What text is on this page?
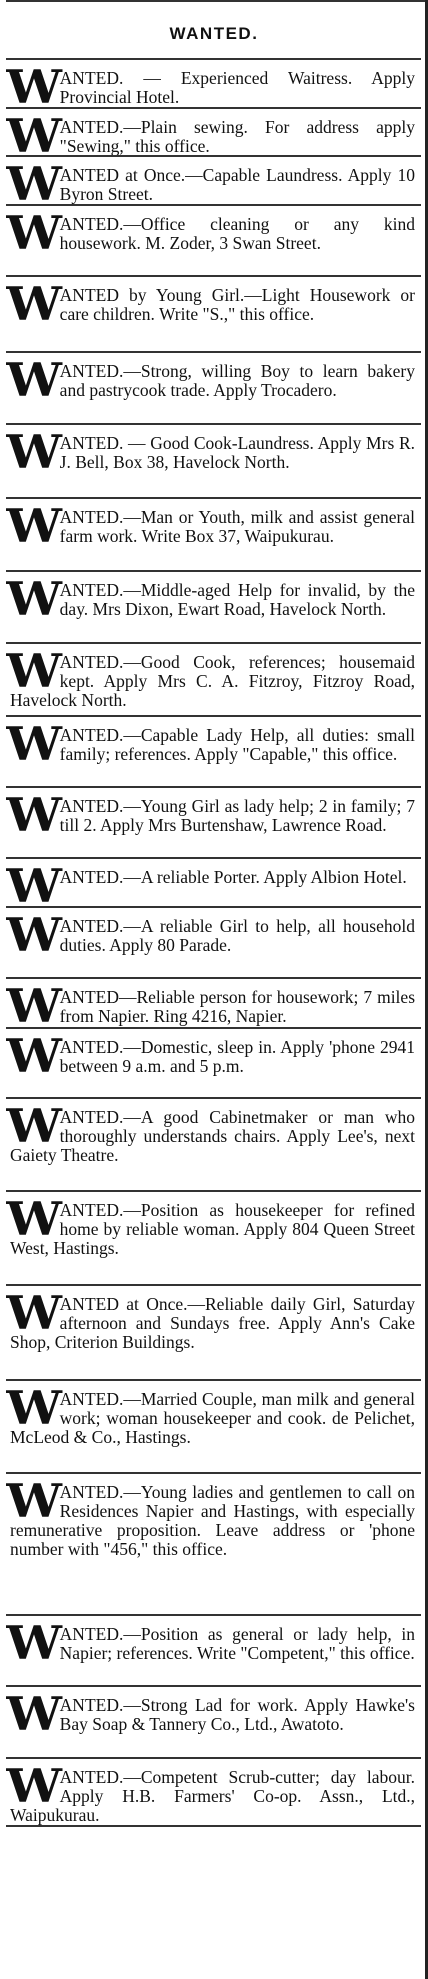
WANTED.
W ANTED. — Experienced Waitress. Apply Provincial Hotel.
W ANTED.—Plain sewing. For address apply "Sewing," this office.
W ANTED at Once.—Capable Laundress. Apply 10 Byron Street.
W ANTED.—Office cleaning or any kind housework. M. Zoder, 3 Swan Street.
W ANTED by Young Girl.—Light Housework or care children. Write "S.," this office.
W ANTED.—Strong, willing Boy to learn bakery and pastrycook trade. Apply Trocadero.
W ANTED. — Good Cook-Laundress. Apply Mrs R. J. Bell, Box 38, Havelock North.
W ANTED.—Man or Youth, milk and assist general farm work. Write Box 37, Waipukurau.
W ANTED.—Middle-aged Help for invalid, by the day. Mrs Dixon, Ewart Road, Havelock North.
W ANTED.—Good Cook, references; housemaid kept. Apply Mrs C. A. Fitzroy, Fitzroy Road, Havelock North.
W ANTED.—Capable Lady Help, all duties: small family; references. Apply "Capable," this office.
W ANTED.—Young Girl as lady help; 2 in family; 7 till 2. Apply Mrs Burtenshaw, Lawrence Road.
W ANTED.—A reliable Porter. Apply Albion Hotel.
W ANTED.—A reliable Girl to help, all household duties. Apply 80 Parade.
W ANTED—Reliable person for housework; 7 miles from Napier. Ring 4216, Napier.
W ANTED.—Domestic, sleep in. Apply 'phone 2941 between 9 a.m. and 5 p.m.
W ANTED.—A good Cabinetmaker or man who thoroughly understands chairs. Apply Lee's, next Gaiety Theatre.
W ANTED.—Position as housekeeper for refined home by reliable woman. Apply 804 Queen Street West, Hastings.
W ANTED at Once.—Reliable daily Girl, Saturday afternoon and Sundays free. Apply Ann's Cake Shop, Criterion Buildings.
W ANTED.—Married Couple, man milk and general work; woman housekeeper and cook. de Pelichet, McLeod & Co., Hastings.
W ANTED.—Young ladies and gentlemen to call on Residences Napier and Hastings, with especially remunerative proposition. Leave address or 'phone number with "456," this office.
W ANTED.—Position as general or lady help, in Napier; references. Write "Competent," this office.
W ANTED.—Strong Lad for work. Apply Hawke's Bay Soap & Tannery Co., Ltd., Awatoto.
W ANTED.—Competent Scrub-cutter; day labour. Apply H.B. Farmers' Co-op. Assn., Ltd., Waipukurau.
